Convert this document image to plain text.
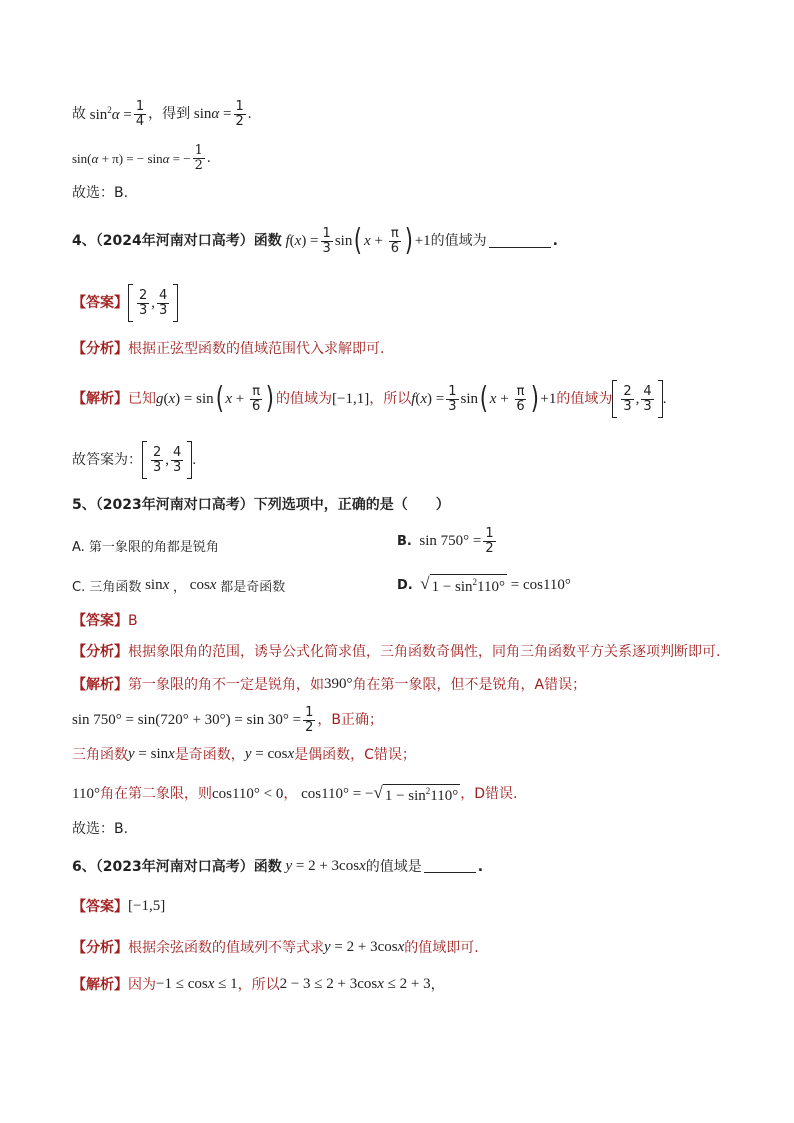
故 $\sin^2\alpha = \frac{1}{4}$ ，得到 $\sin\alpha = \frac{1}{2}$ .
sin(α + π) = − sinα = − $\frac{1}{2}$ .
故选：B.
4、（2024年河南对口高考）函数 $f(x) = \frac{1}{3}$ sin ( $x + \frac{\pi}{6}$ ) +1 的值域为	.
【答案】 $\frac{2}{3}$ , $\frac{4}{3}$
【分析】 根据正弦型函数的值域范围代入求解即可.
【解析】 已知 g(x) = sin ( $x + \frac{\pi}{6}$ ) 的值域为 [−1,1] ，所以 $f(x) = \frac{1}{3}$ sin ( $x + \frac{\pi}{6}$ ) +1 的值域为 $\frac{2}{3}$ , $\frac{4}{3}$ .
故答案为： $\frac{2}{3}$ , $\frac{4}{3}$ .
5、（2023年河南对口高考）下列选项中，正确的是（　　）
A. 第一象限的角都是锐角	B. $\sin 750^\circ = \frac{1}{2}$
C. 三角函数 sinx ， cosx 都是奇函数	D.
√ $1 - \sin^2110^\circ = \cos 110^\circ$
【答案】 B
【分析】 根据象限角的范围，诱导公式化简求值，三角函数奇偶性，同角三角函数平方关系逐项判断即可.
【解析】 第一象限的角不一定是锐角，如 390° 角在第一象限，但不是锐角， A错误；
$\sin 750^\circ = \sin(720^\circ + 30^\circ) = \sin 30^\circ = \frac{1}{2}$ ，B正确；
三角函数 y = sinx 是奇函数， y = cosx 是偶函数，C错误；
110° 角在第二象限，则 cos110° < 0 ， cos110° = − √ $1 - \sin^2110^\circ$ ，D错误.
故选：B.
6、（2023年河南对口高考）函数 y = 2 + 3cosx 的值域是	.
【答案】 [−1,5]
【分析】 根据余弦函数的值域列不等式求 y = 2 + 3cosx 的值域即可.
【解析】 因为 −1 ≤ cosx ≤ 1 ，所以 2 − 3 ≤ 2 + 3cosx ≤ 2 + 3 ，
